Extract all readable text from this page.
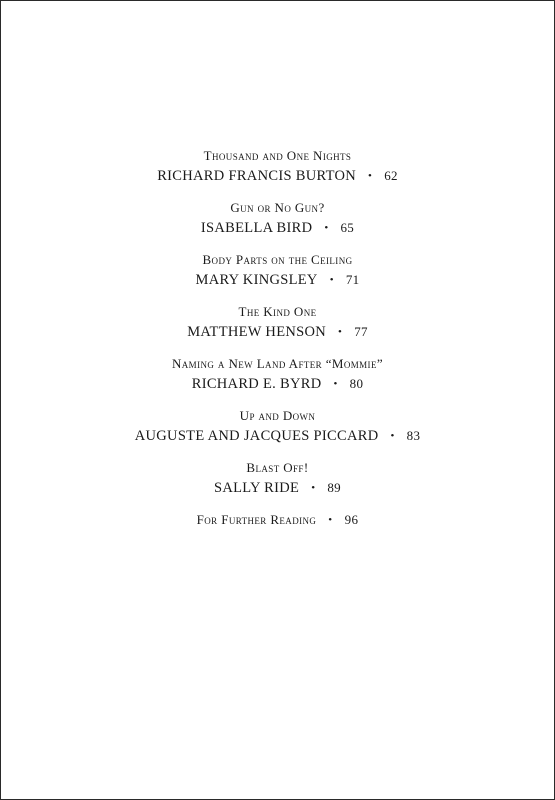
Thousand and One Nights
RICHARD FRANCIS BURTON • 62
Gun or No Gun?
ISABELLA BIRD • 65
Body Parts on the Ceiling
MARY KINGSLEY • 71
The Kind One
MATTHEW HENSON • 77
Naming a New Land After “Mommie”
RICHARD E. BYRD • 80
Up and Down
AUGUSTE AND JACQUES PICCARD • 83
Blast Off!
SALLY RIDE • 89
For Further Reading • 96
